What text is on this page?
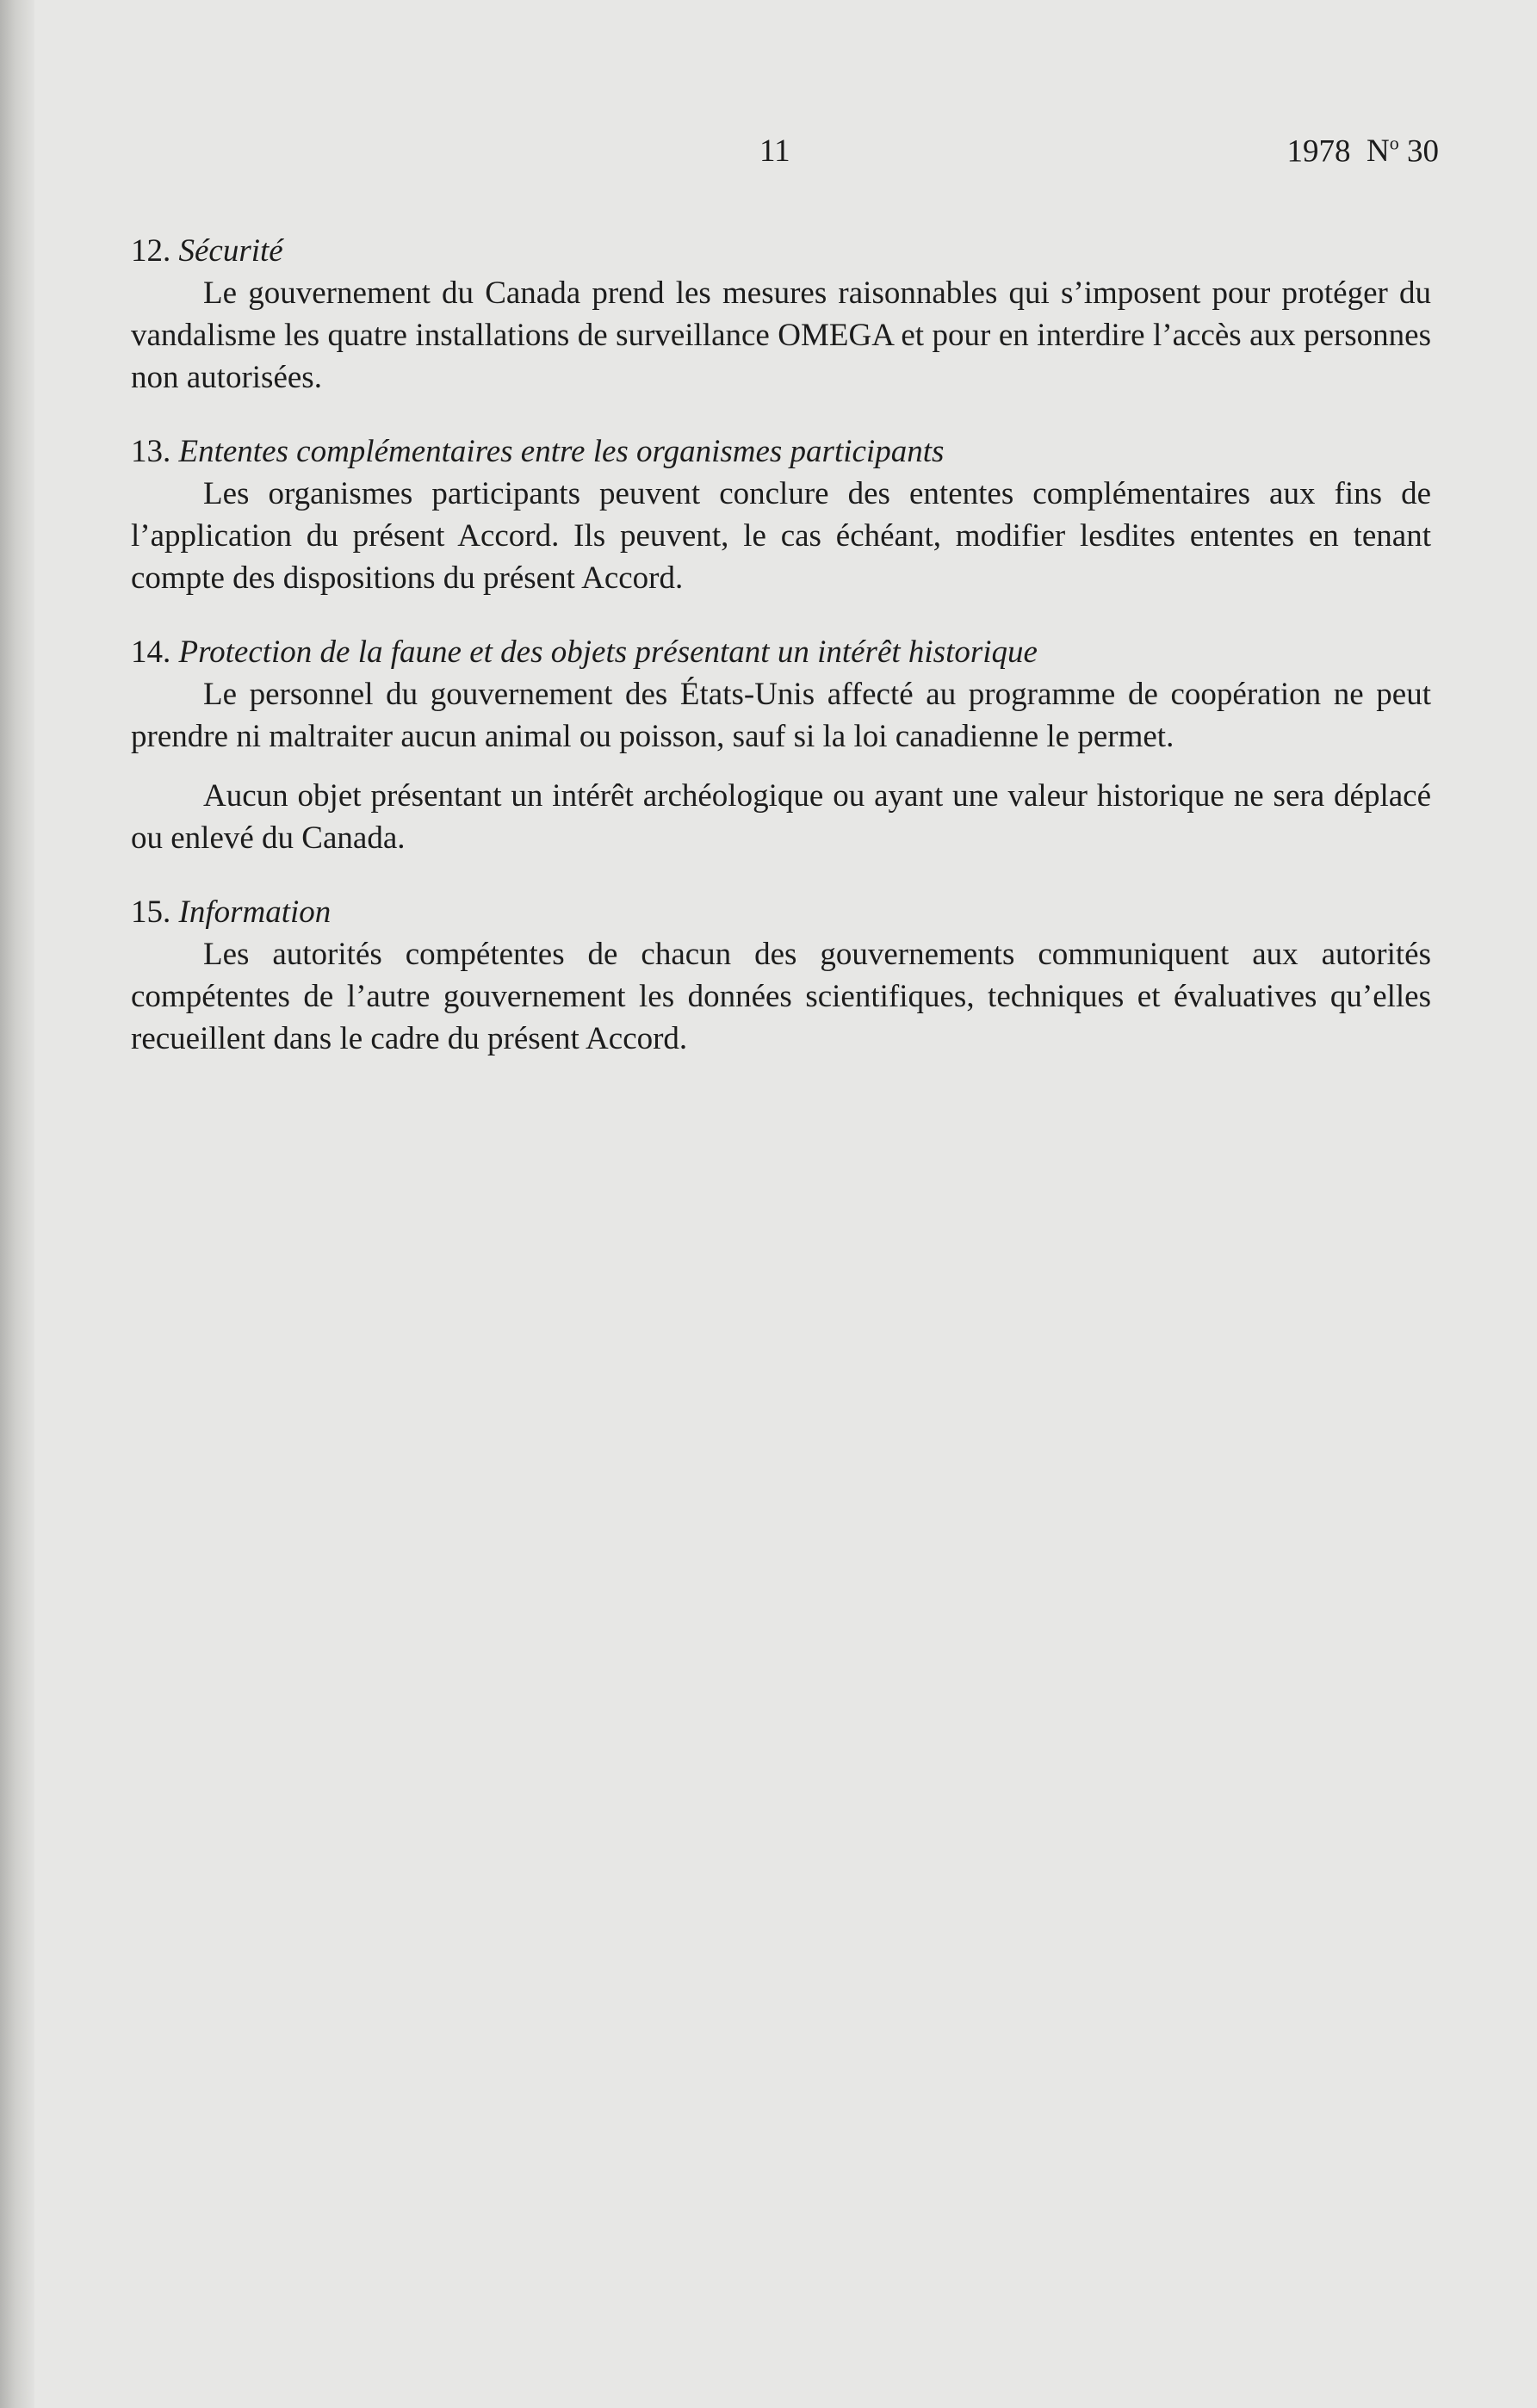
11	1978 $N^o$ 30

12. Sécurité

Le gouvernement du Canada prend les mesures raisonnables qui s’imposent pour protéger du vandalisme les quatre installations de surveillance OMEGA et pour en interdire l’accès aux personnes non autorisées.

13. Ententes complémentaires entre les organismes participants

Les organismes participants peuvent conclure des ententes complémentaires aux fins de l’application du présent Accord. Ils peuvent, le cas échéant, modifier lesdites ententes en tenant compte des dispositions du présent Accord.

14. Protection de la faune et des objets présentant un intérêt historique

Le personnel du gouvernement des États-Unis affecté au programme de coopération ne peut prendre ni maltraiter aucun animal ou poisson, sauf si la loi canadienne le permet.

Aucun objet présentant un intérêt archéologique ou ayant une valeur historique ne sera déplacé ou enlevé du Canada.

15. Information

Les autorités compétentes de chacun des gouvernements communiquent aux autorités compétentes de l’autre gouvernement les données scientifiques, techniques et évaluatives qu’elles recueillent dans le cadre du présent Accord.
